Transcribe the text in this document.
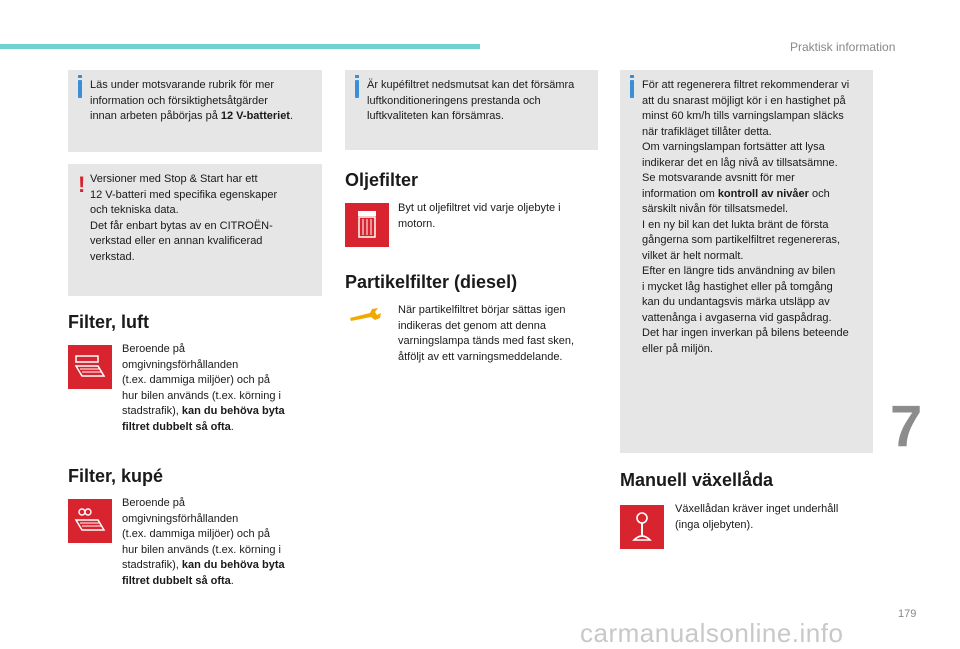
Praktisk information
Läs under motsvarande rubrik för mer
information och försiktighetsåtgärder
innan arbeten påbörjas på 12 V-batteriet.
! Versioner med Stop & Start har ett
12 V-batteri med specifika egenskaper
och tekniska data.
Det får enbart bytas av en CITROËN-
verkstad eller en annan kvalificerad
verkstad.
Filter, luft
Beroende på
omgivningsförhållanden
(t.ex. dammiga miljöer) och på
hur bilen används (t.ex. körning i
stadstrafik), kan du behöva byta
filtret dubbelt så ofta.
Filter, kupé
Beroende på
omgivningsförhållanden
(t.ex. dammiga miljöer) och på
hur bilen används (t.ex. körning i
stadstrafik), kan du behöva byta
filtret dubbelt så ofta.
Är kupéfiltret nedsmutsat kan det försämra
luftkonditioneringens prestanda och
luftkvaliteten kan försämras.
Oljefilter
Byt ut oljefiltret vid varje oljebyte i
motorn.
Partikelfilter (diesel)
När partikelfiltret börjar sättas igen
indikeras det genom att denna
varningslampa tänds med fast sken,
åtföljt av ett varningsmeddelande.
För att regenerera filtret rekommenderar vi
att du snarast möjligt kör i en hastighet på
minst 60 km/h tills varningslampan släcks
när trafikläget tillåter detta.
Om varningslampan fortsätter att lysa
indikerar det en låg nivå av tillsatsämne.
Se motsvarande avsnitt för mer
information om kontroll av nivåer och
särskilt nivån för tillsatsmedel.
I en ny bil kan det lukta bränt de första
gångerna som partikelfiltret regenereras,
vilket är helt normalt.
Efter en längre tids användning av bilen
i mycket låg hastighet eller på tomgång
kan du undantagsvis märka utsläpp av
vattenånga i avgaserna vid gaspådrag.
Det har ingen inverkan på bilens beteende
eller på miljön.
Manuell växellåda
Växellådan kräver inget underhåll
(inga oljebyten).
7
179
carmanualsonline.info
